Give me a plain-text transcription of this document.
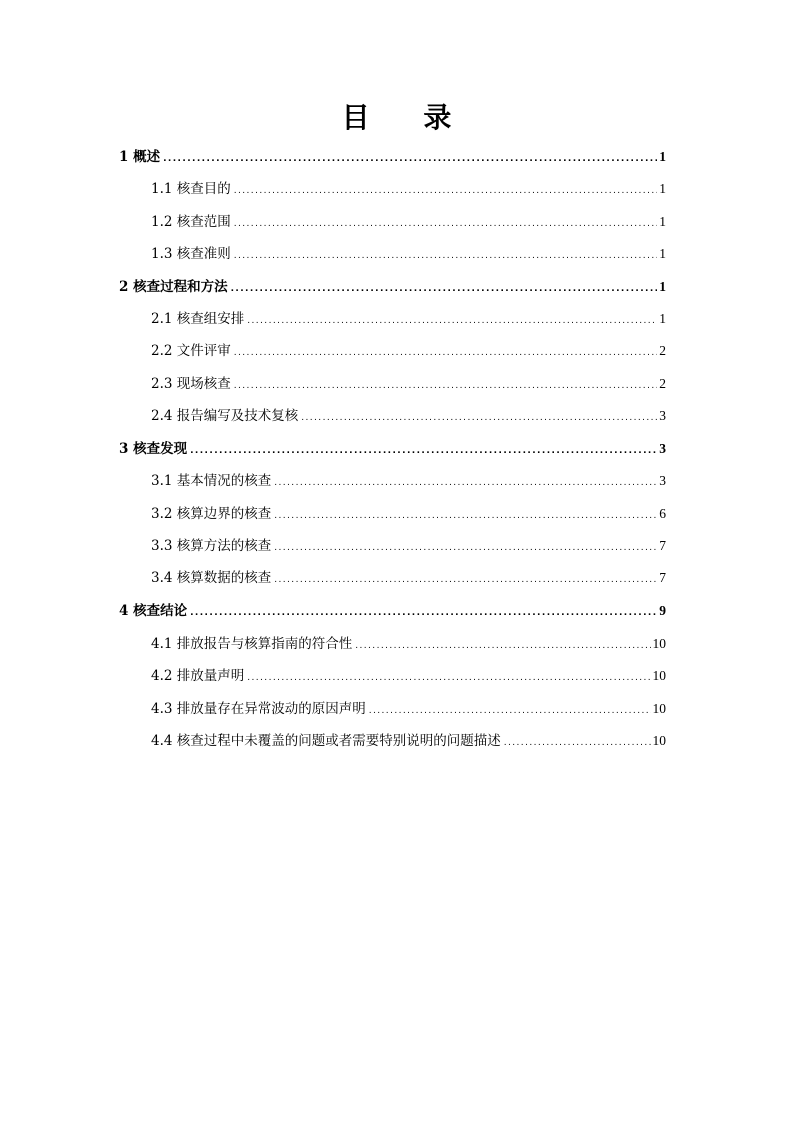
目 录
1 概述 .....	1
1.1 核查目的 .....	1
1.2 核查范围 .....	1
1.3 核查准则 .....	1
2 核查过程和方法 .....	1
2.1 核查组安排 .....	1
2.2 文件评审 .....	2
2.3 现场核查 .....	2
2.4 报告编写及技术复核 .....	3
3 核查发现 .....	3
3.1 基本情况的核查 .....	3
3.2 核算边界的核查 .....	6
3.3 核算方法的核查 .....	7
3.4 核算数据的核查 .....	7
4 核查结论 .....	9
4.1 排放报告与核算指南的符合性 .....	10
4.2 排放量声明 .....	10
4.3 排放量存在异常波动的原因声明 .....	10
4.4 核查过程中未覆盖的问题或者需要特别说明的问题描述 .....	10
